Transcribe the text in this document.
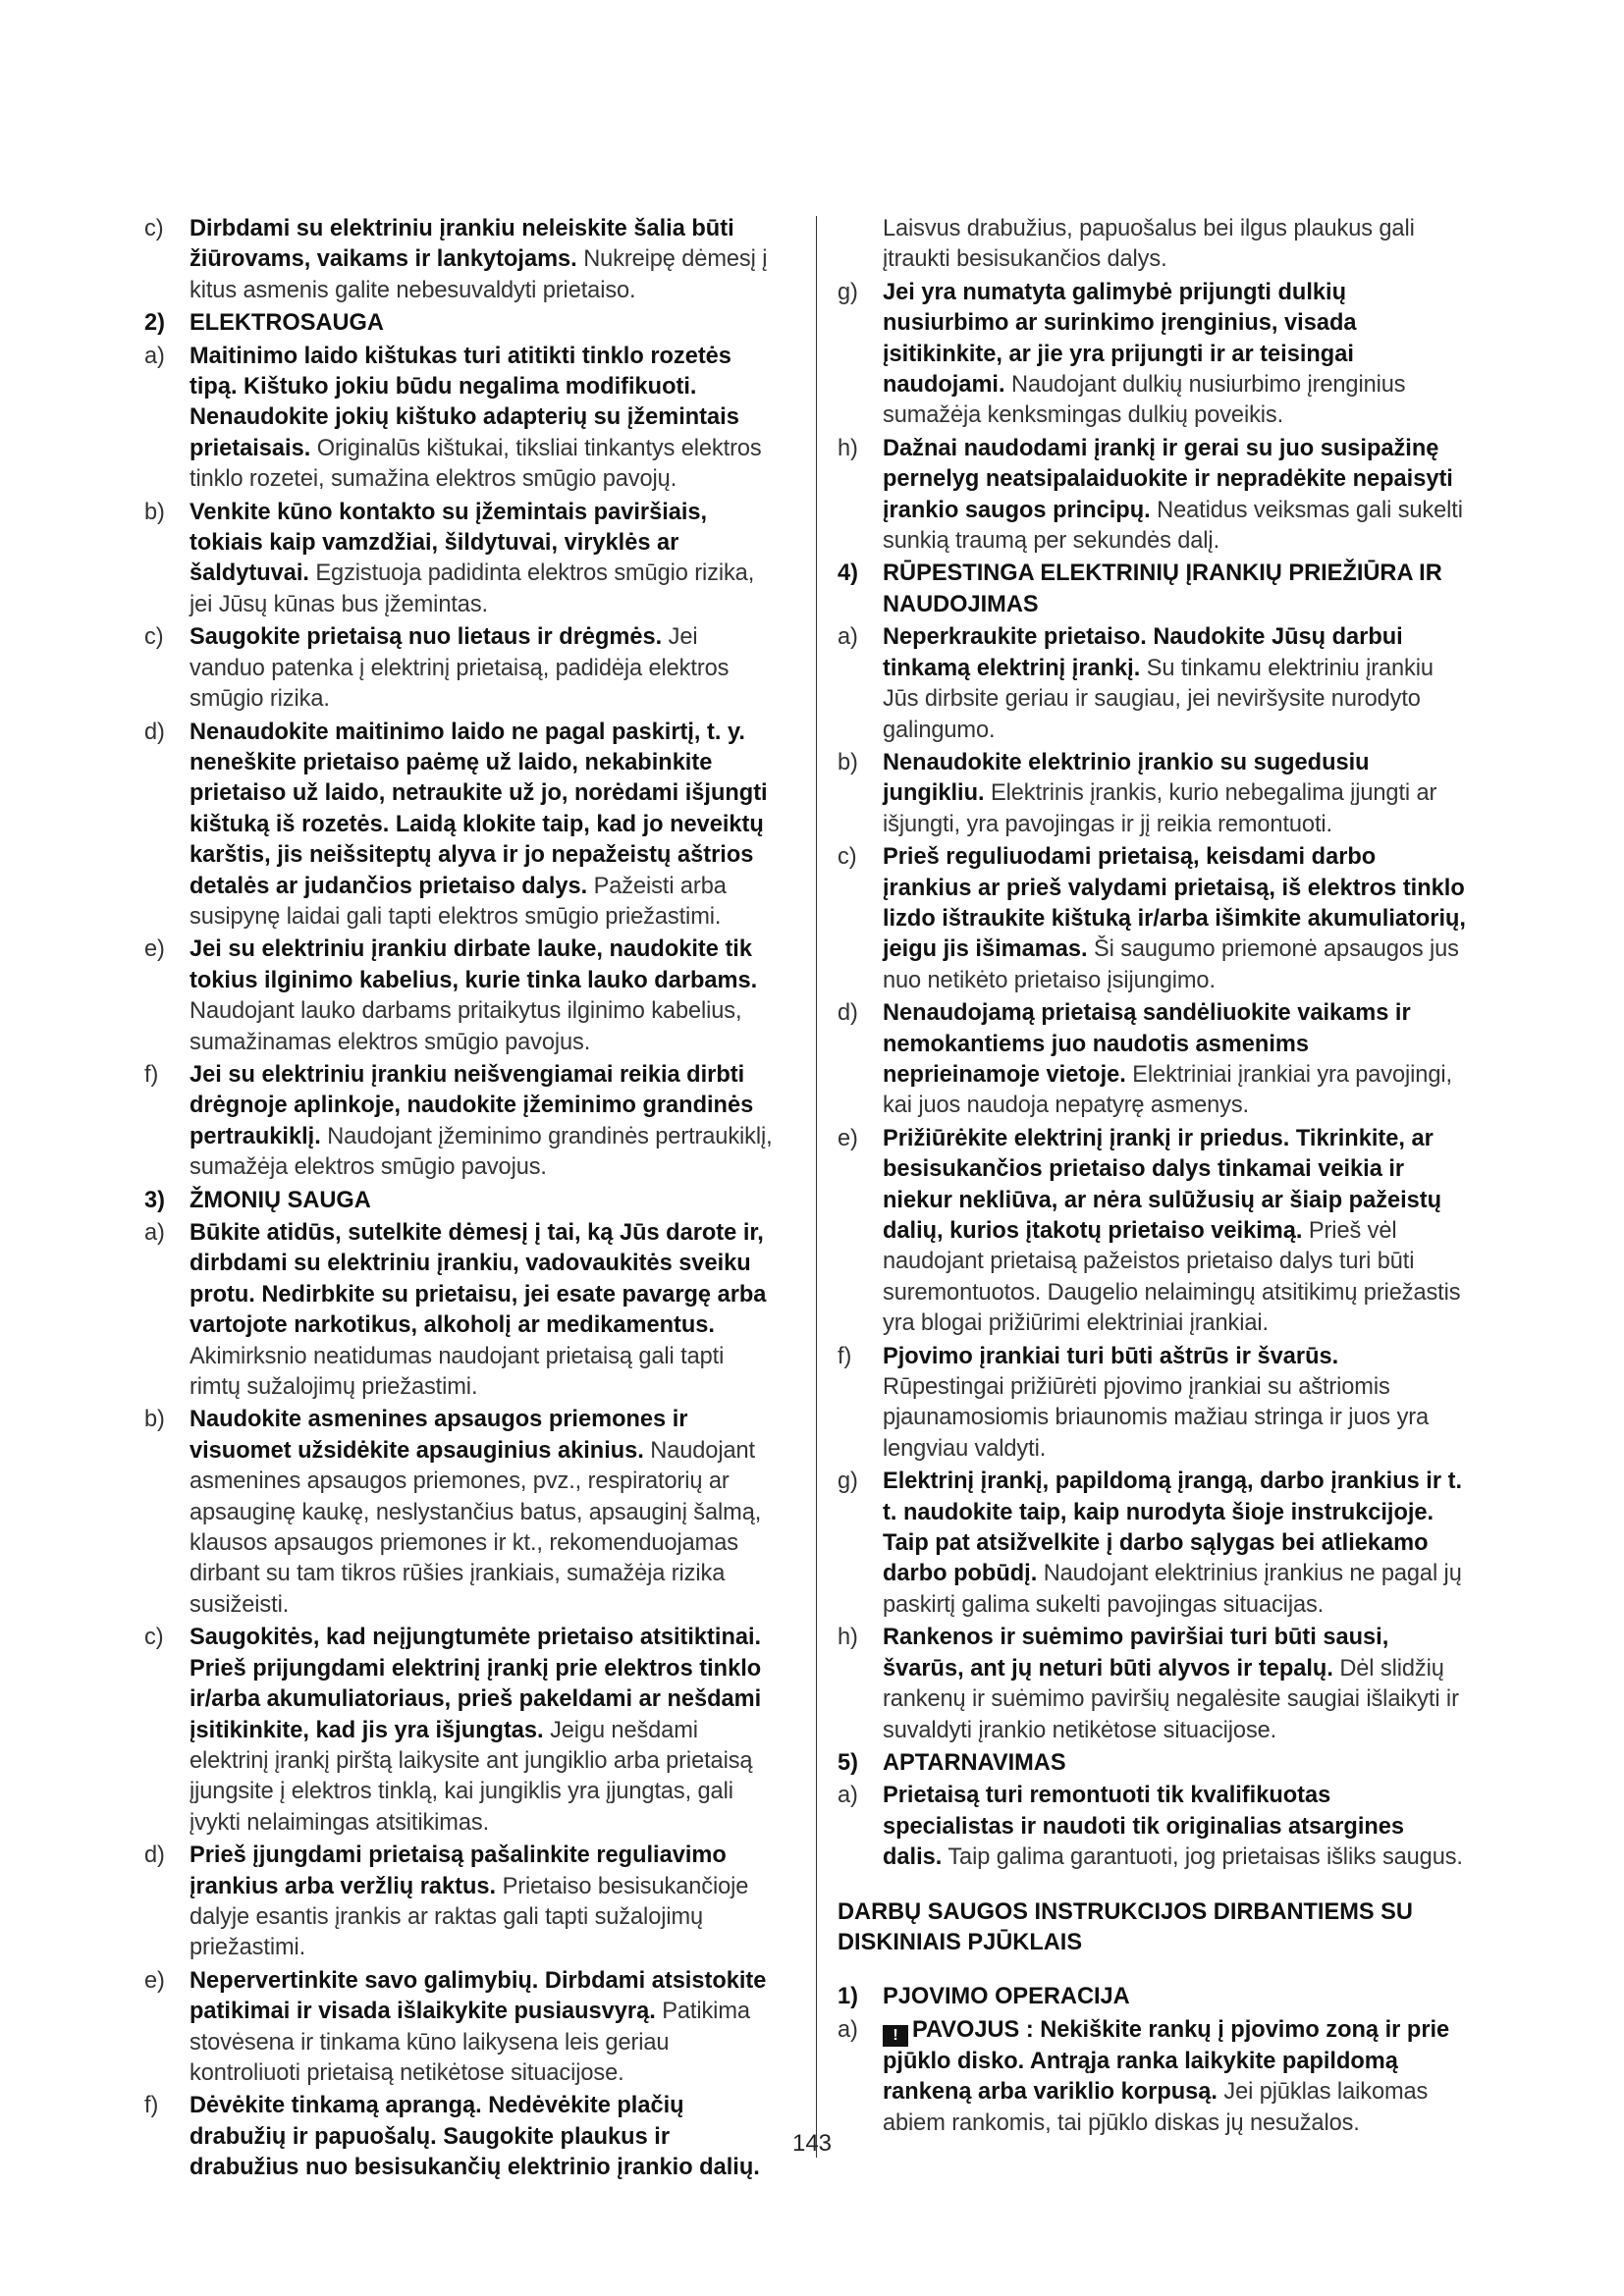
c) Dirbdami su elektriniu įrankiu neleiskite šalia būti žiūrovams, vaikams ir lankytojams. Nukreipę dėmesį į kitus asmenis galite nebesuvaldyti prietaiso.
2) ELEKTROSAUGA
a) Maitinimo laido kištukas turi atitikti tinklo rozetės tipą. Kištuko jokiu būdu negalima modifikuoti. Nenaudokite jokių kištuko adapterių su įžemintais prietaisais. Originalūs kištukai, tiksliai tinkantys elektros tinklo rozetei, sumažina elektros smūgio pavojų.
b) Venkite kūno kontakto su įžemintais paviršiais, tokiais kaip vamzdžiai, šildytuvai, viryklės ar šaldytuvai. Egzistuoja padidinta elektros smūgio rizika, jei Jūsų kūnas bus įžemintas.
c) Saugokite prietaisą nuo lietaus ir drėgmės. Jei vanduo patenka į elektrinį prietaisą, padidėja elektros smūgio rizika.
d) Nenaudokite maitinimo laido ne pagal paskirtį, t. y. neneškite prietaiso paėmę už laido, nekabinkite prietaiso už laido, netraukite už jo, norėdami išjungti kištuką iš rozetės. Laidą klokite taip, kad jo neveiktų karštis, jis neišsiteptų alyva ir jo nepažeistų aštrios detalės ar judančios prietaiso dalys. Pažeisti arba susipynę laidai gali tapti elektros smūgio priežastimi.
e) Jei su elektriniu įrankiu dirbate lauke, naudokite tik tokius ilginimo kabelius, kurie tinka lauko darbams. Naudojant lauko darbams pritaikytus ilginimo kabelius, sumažinamas elektros smūgio pavojus.
f) Jei su elektriniu įrankiu neišvengiamai reikia dirbti drėgnoje aplinkoje, naudokite įžeminimo grandinės pertraukiklį. Naudojant įžeminimo grandinės pertraukiklį, sumažėja elektros smūgio pavojus.
3) ŽMONIŲ SAUGA
a) Būkite atidūs, sutelkite dėmesį į tai, ką Jūs darote ir, dirbdami su elektriniu įrankiu, vadovaukitės sveiku protu. Nedirbkite su prietaisu, jei esate pavargę arba vartojote narkotikus, alkoholį ar medikamentus. Akimirksnio neatidumas naudojant prietaisą gali tapti rimtų sužalojimų priežastimi.
b) Naudokite asmenines apsaugos priemones ir visuomet užsidėkite apsauginius akinius. Naudojant asmenines apsaugos priemones, pvz., respiratorių ar apsauginę kaukę, neslystančius batus, apsauginį šalmą, klausos apsaugos priemones ir kt., rekomenduojamas dirbant su tam tikros rūšies įrankiais, sumažėja rizika susižeisti.
c) Saugokitės, kad neįjungtumėte prietaiso atsitiktinai. Prieš prijungdami elektrinį įrankį prie elektros tinklo ir/arba akumuliatoriaus, prieš pakeldami ar nešdami įsitikinkite, kad jis yra išjungtas. Jeigu nešdami elektrinį įrankį pirštą laikysite ant jungiklio arba prietaisą įjungsite į elektros tinklą, kai jungiklis yra įjungtas, gali įvykti nelaimingas atsitikimas.
d) Prieš įjungdami prietaisą pašalinkite reguliavimo įrankius arba veržlių raktus. Prietaiso besisukančioje dalyje esantis įrankis ar raktas gali tapti sužalojimų priežastimi.
e) Nepervertinkite savo galimybių. Dirbdami atsistokite patikimai ir visada išlaikykite pusiausvyrą. Patikima stovėsena ir tinkama kūno laikysena leis geriau kontroliuoti prietaisą netikėtose situacijose.
f) Dėvėkite tinkamą aprangą. Nedėvėkite plačių drabužių ir papuošalų. Saugokite plaukus ir drabužius nuo besisukančių elektrinio įrankio dalių.
Laisvus drabužius, papuošalus bei ilgus plaukus gali įtraukti besisukančios dalys.
g) Jei yra numatyta galimybė prijungti dulkių nusiurbimo ar surinkimo įrenginius, visada įsitikinkite, ar jie yra prijungti ir ar teisingai naudojami. Naudojant dulkių nusiurbimo įrenginius sumažėja kenksmingas dulkių poveikis.
h) Dažnai naudodami įrankį ir gerai su juo susipažinę pernelyg neatsipalaiduokite ir nepradėkite nepaisyti įrankio saugos principų. Neatidus veiksmas gali sukelti sunkią traumą per sekundės dalį.
4) RŪPESTINGA ELEKTRINIŲ ĮRANKIŲ PRIEŽIŪRA IR NAUDOJIMAS
a) Neperkraukite prietaiso. Naudokite Jūsų darbui tinkamą elektrinį įrankį. Su tinkamu elektriniu įrankiu Jūs dirbsite geriau ir saugiau, jei neviršysite nurodyto galingumo.
b) Nenaudokite elektrinio įrankio su sugedusiu jungikliu. Elektrinis įrankis, kurio nebegalima įjungti ar išjungti, yra pavojingas ir jį reikia remontuoti.
c) Prieš reguliuodami prietaisą, keisdami darbo įrankius ar prieš valydami prietaisą, iš elektros tinklo lizdo ištraukite kištuką ir/arba išimkite akumuliatorių, jeigu jis išimamas. Ši saugumo priemonė apsaugos jus nuo netikėto prietaiso įsijungimo.
d) Nenaudojamą prietaisą sandėliuokite vaikams ir nemokantiems juo naudotis asmenims neprieinamoje vietoje. Elektriniai įrankiai yra pavojingi, kai juos naudoja nepatyrę asmenys.
e) Prižiūrėkite elektrinį įrankį ir priedus. Tikrinkite, ar besisukančios prietaiso dalys tinkamai veikia ir niekur nekliūva, ar nėra sulūžusių ar šiaip pažeistų dalių, kurios įtakotų prietaiso veikimą. Prieš vėl naudojant prietaisą pažeistos prietaiso dalys turi būti suremontuotos. Daugelio nelaimingų atsitikimų priežastis yra blogai prižiūrimi elektriniai įrankiai.
f) Pjovimo įrankiai turi būti aštrūs ir švarūs. Rūpestingai prižiūrėti pjovimo įrankiai su aštriomis pjaunamosiomis briaunomis mažiau stringa ir juos yra lengviau valdyti.
g) Elektrinį įrankį, papildomą įrangą, darbo įrankius ir t. t. naudokite taip, kaip nurodyta šioje instrukcijoje. Taip pat atsižvelkite į darbo sąlygas bei atliekamo darbo pobūdį. Naudojant elektrinius įrankius ne pagal jų paskirtį galima sukelti pavojingas situacijas.
h) Rankenos ir suėmimo paviršiai turi būti sausi, švarūs, ant jų neturi būti alyvos ir tepalų. Dėl slidžių rankenų ir suėmimo paviršių negalėsite saugiai išlaikyti ir suvaldyti įrankio netikėtose situacijose.
5) APTARNAVIMAS
a) Prietaisą turi remontuoti tik kvalifikuotas specialistas ir naudoti tik originalias atsargines dalis. Taip galima garantuoti, jog prietaisas išliks saugus.
DARBŲ SAUGOS INSTRUKCIJOS DIRBANTIEMS SU DISKINIAIS PJŪKLAIS
1) PJOVIMO OPERACIJA
a)	! PAVOJUS : Nekiškite rankų į pjovimo zoną ir prie pjūklo disko. Antrąja ranka laikykite papildomą rankeną arba variklio korpusą. Jei pjūklas laikomas abiem rankomis, tai pjūklo diskas jų nesužalos.
143
